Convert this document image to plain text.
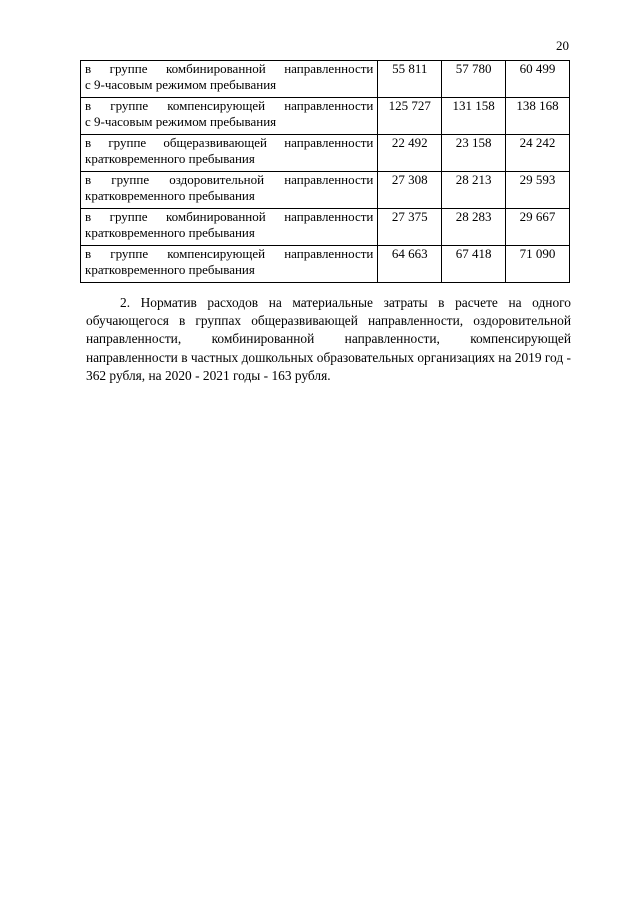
20
в группе комбинированной направленности
с 9-часовым режимом пребывания	55 811	57 780	60 499

в группе компенсирующей направленности
с 9-часовым режимом пребывания	125 727	131 158	138 168

в группе общеразвивающей направленности
кратковременного пребывания	22 492	23 158	24 242

в группе оздоровительной направленности
кратковременного пребывания	27 308	28 213	29 593

в группе комбинированной направленности
кратковременного пребывания	27 375	28 283	29 667

в группе компенсирующей направленности
кратковременного пребывания	64 663	67 418	71 090
2. Норматив расходов на материальные затраты в расчете на одного обучающегося в группах общеразвивающей направленности, оздоровительной направленности, комбинированной направленности, компенсирующей направленности в частных дошкольных образовательных организациях на 2019 год - 362 рубля, на 2020 - 2021 годы - 163 рубля.
